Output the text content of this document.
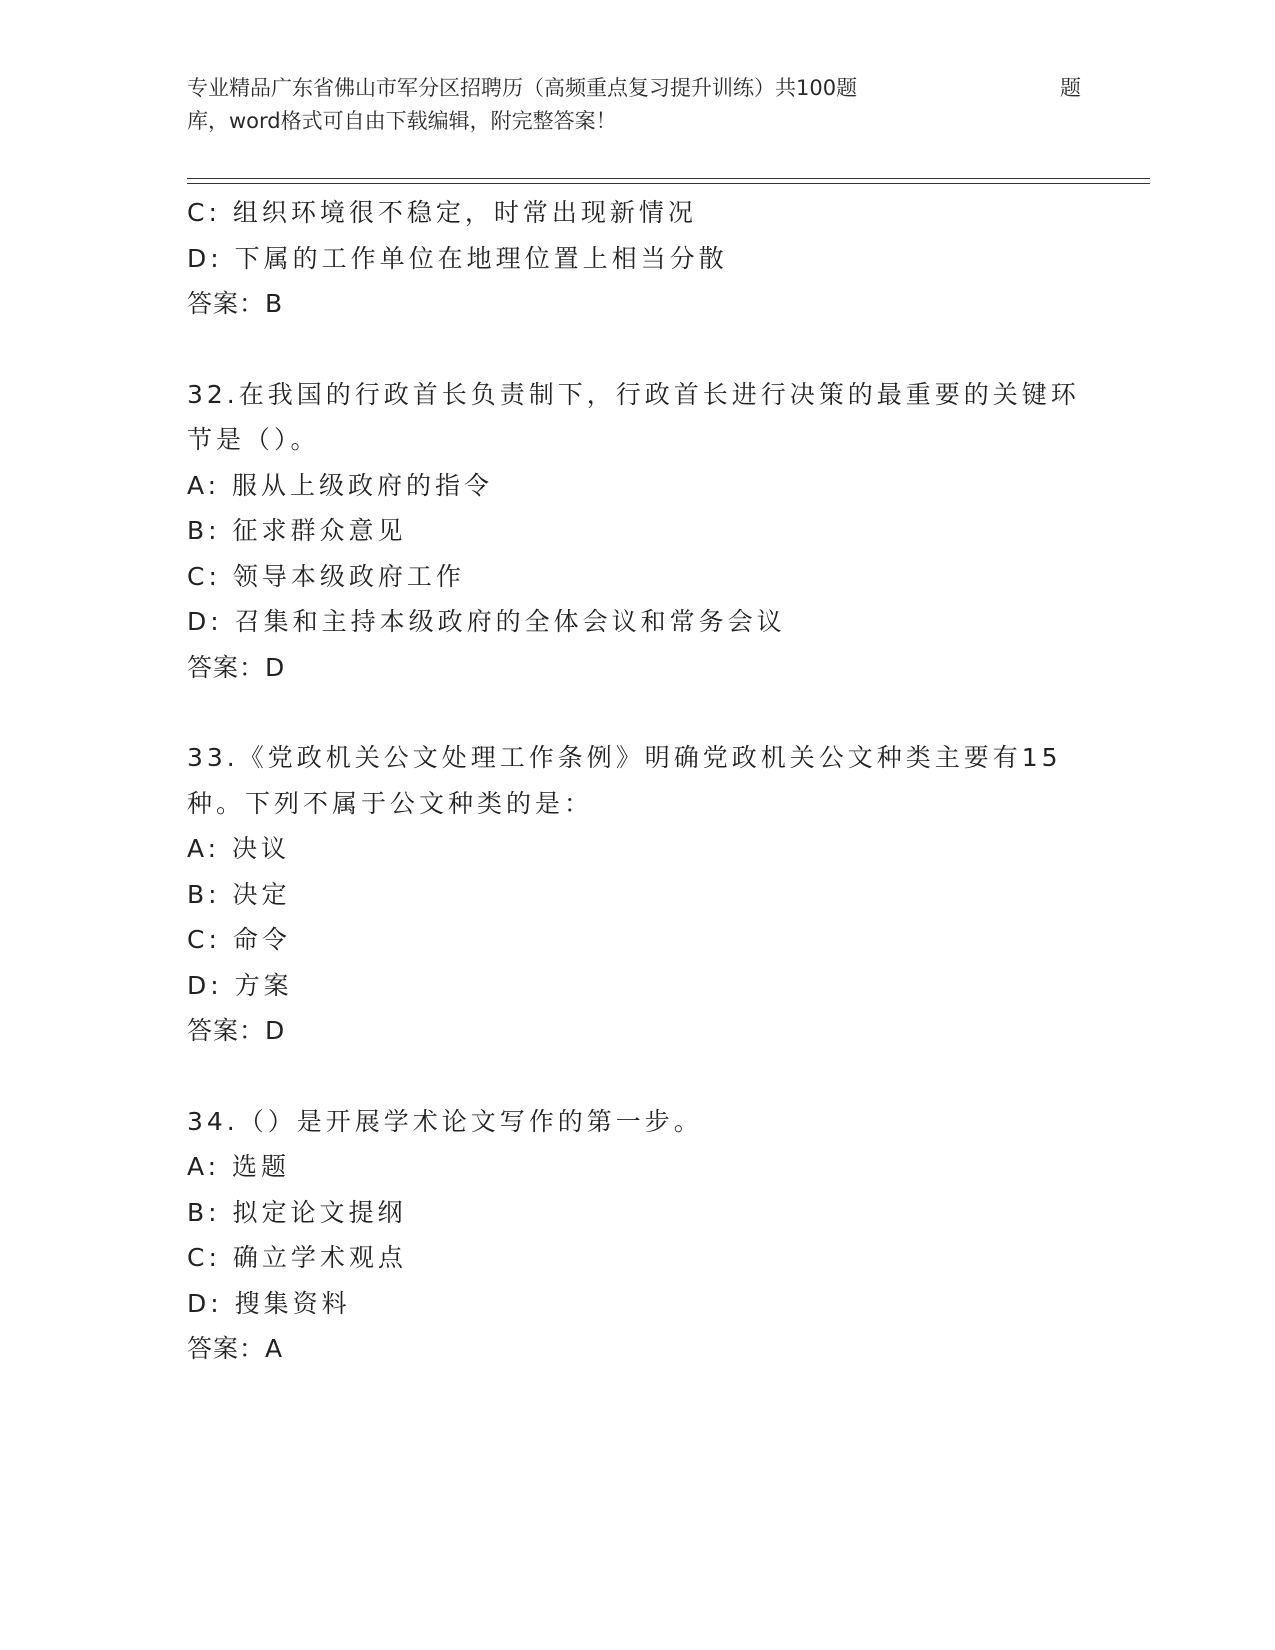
专业精品广东省佛山市军分区招聘历（高频重点复习提升训练）共100题	题
库，word格式可自由下载编辑，附完整答案！

C: 组织环境很不稳定，时常出现新情况

D: 下属的工作单位在地理位置上相当分散

答案：B

32.在我国的行政首长负责制下，行政首长进行决策的最重要的关键环

节是（）。

A: 服从上级政府的指令

B: 征求群众意见

C: 领导本级政府工作

D: 召集和主持本级政府的全体会议和常务会议

答案：D

33.《党政机关公文处理工作条例》明确党政机关公文种类主要有15

种。下列不属于公文种类的是：

A: 决议

B: 决定

C: 命令

D: 方案

答案：D

34.（）是开展学术论文写作的第一步。

A: 选题

B: 拟定论文提纲

C: 确立学术观点

D: 搜集资料

答案：A
